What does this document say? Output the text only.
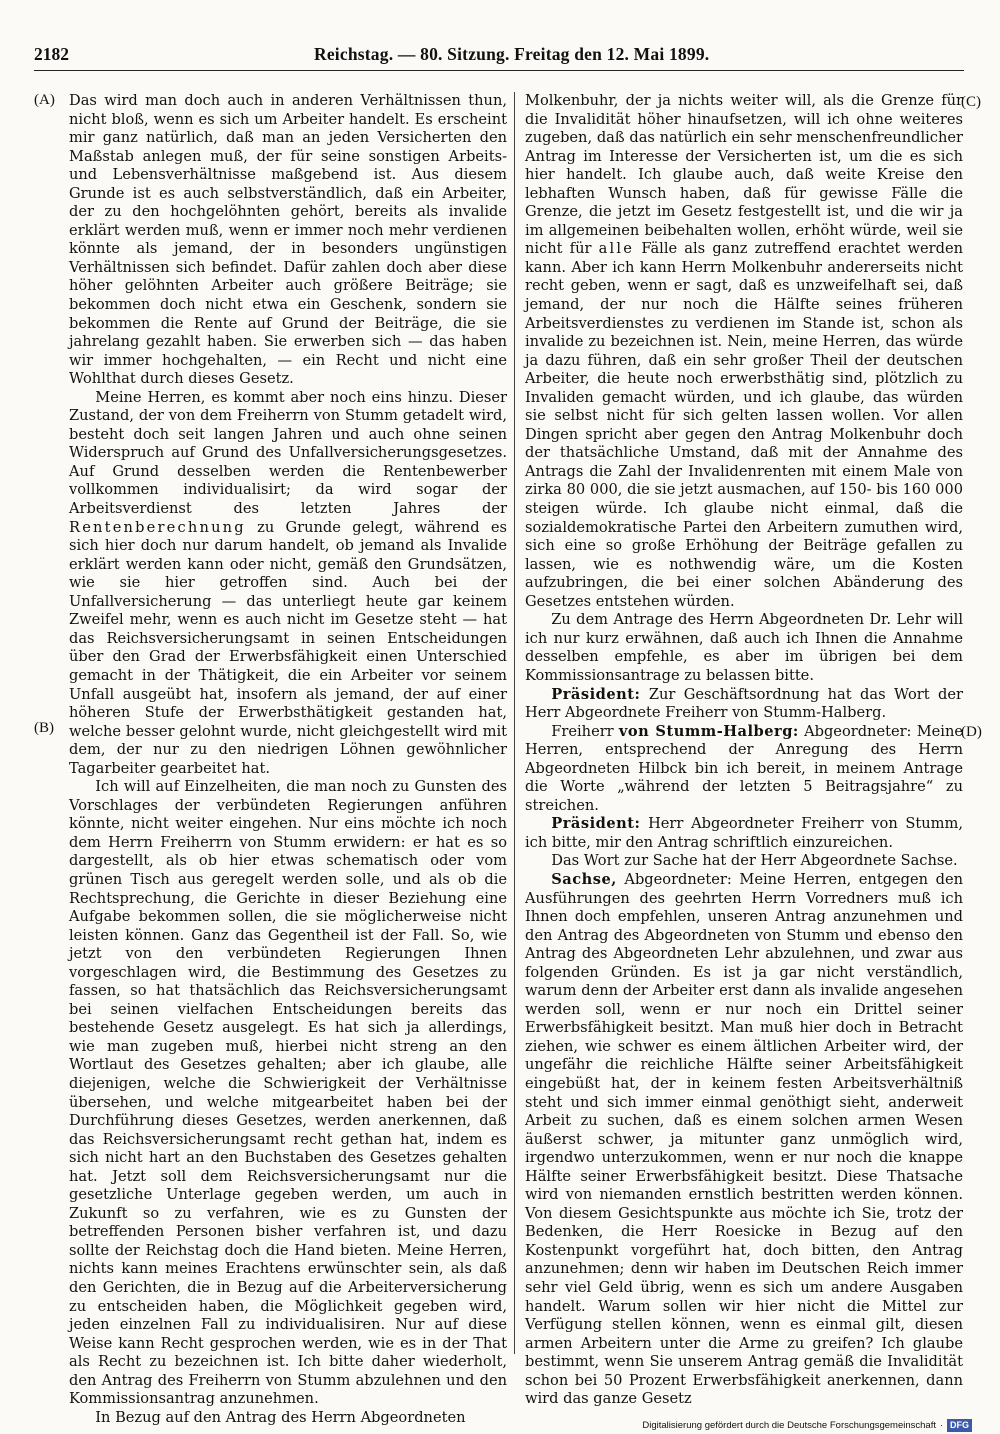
2182	Reichstag. — 80. Sitzung. Freitag den 12. Mai 1899.
(A)
(B)
(C)
(D)

Das wird man doch auch in anderen Verhältnissen thun, nicht bloß, wenn es sich um Arbeiter handelt. Es erscheint mir ganz natürlich, daß man an jeden Versicherten den Maßstab anlegen muß, der für seine sonstigen Arbeits- und Lebensverhältnisse maßgebend ist. Aus diesem Grunde ist es auch selbstverständlich, daß ein Arbeiter, der zu den hochgelöhnten gehört, bereits als invalide erklärt werden muß, wenn er immer noch mehr verdienen könnte als jemand, der in besonders ungünstigen Verhältnissen sich befindet. Dafür zahlen doch aber diese höher gelöhnten Arbeiter auch größere Beiträge; sie bekommen doch nicht etwa ein Geschenk, sondern sie bekommen die Rente auf Grund der Beiträge, die sie jahrelang gezahlt haben. Sie erwerben sich — das haben wir immer hochgehalten, — ein Recht und nicht eine Wohlthat durch dieses Gesetz.

Meine Herren, es kommt aber noch eins hinzu. Dieser Zustand, der von dem Freiherrn von Stumm getadelt wird, besteht doch seit langen Jahren und auch ohne seinen Widerspruch auf Grund des Unfallversicherungsgesetzes. Auf Grund desselben werden die Rentenbewerber vollkommen individualisirt; da wird sogar der Arbeitsverdienst des letzten Jahres der Rentenberechnung zu Grunde gelegt, während es sich hier doch nur darum handelt, ob jemand als Invalide erklärt werden kann oder nicht, gemäß den Grundsätzen, wie sie hier getroffen sind. Auch bei der Unfallversicherung — das unterliegt heute gar keinem Zweifel mehr, wenn es auch nicht im Gesetze steht — hat das Reichsversicherungsamt in seinen Entscheidungen über den Grad der Erwerbsfähigkeit einen Unterschied gemacht in der Thätigkeit, die ein Arbeiter vor seinem Unfall ausgeübt hat, insofern als jemand, der auf einer höheren Stufe der Erwerbsthätigkeit gestanden hat, welche besser gelohnt wurde, nicht gleichgestellt wird mit dem, der nur zu den niedrigen Löhnen gewöhnlicher Tagarbeiter gearbeitet hat.

Ich will auf Einzelheiten, die man noch zu Gunsten des Vorschlages der verbündeten Regierungen anführen könnte, nicht weiter eingehen. Nur eins möchte ich noch dem Herrn Freiherrn von Stumm erwidern: er hat es so dargestellt, als ob hier etwas schematisch oder vom grünen Tisch aus geregelt werden solle, und als ob die Rechtsprechung, die Gerichte in dieser Beziehung eine Aufgabe bekommen sollen, die sie möglicherweise nicht leisten können. Ganz das Gegentheil ist der Fall. So, wie jetzt von den verbündeten Regierungen Ihnen vorgeschlagen wird, die Bestimmung des Gesetzes zu fassen, so hat thatsächlich das Reichsversicherungsamt bei seinen vielfachen Entscheidungen bereits das bestehende Gesetz ausgelegt. Es hat sich ja allerdings, wie man zugeben muß, hierbei nicht streng an den Wortlaut des Gesetzes gehalten; aber ich glaube, alle diejenigen, welche die Schwierigkeit der Verhältnisse übersehen, und welche mitgearbeitet haben bei der Durchführung dieses Gesetzes, werden anerkennen, daß das Reichsversicherungsamt recht gethan hat, indem es sich nicht hart an den Buchstaben des Gesetzes gehalten hat. Jetzt soll dem Reichsversicherungsamt nur die gesetzliche Unterlage gegeben werden, um auch in Zukunft so zu verfahren, wie es zu Gunsten der betreffenden Personen bisher verfahren ist, und dazu sollte der Reichstag doch die Hand bieten. Meine Herren, nichts kann meines Erachtens erwünschter sein, als daß den Gerichten, die in Bezug auf die Arbeiterversicherung zu entscheiden haben, die Möglichkeit gegeben wird, jeden einzelnen Fall zu individualisiren. Nur auf diese Weise kann Recht gesprochen werden, wie es in der That als Recht zu bezeichnen ist. Ich bitte daher wiederholt, den Antrag des Freiherrn von Stumm abzulehnen und den Kommissionsantrag anzunehmen.

In Bezug auf den Antrag des Herrn Abgeordneten

Molkenbuhr, der ja nichts weiter will, als die Grenze für die Invalidität höher hinaufsetzen, will ich ohne weiteres zugeben, daß das natürlich ein sehr menschenfreundlicher Antrag im Interesse der Versicherten ist, um die es sich hier handelt. Ich glaube auch, daß weite Kreise den lebhaften Wunsch haben, daß für gewisse Fälle die Grenze, die jetzt im Gesetz festgestellt ist, und die wir ja im allgemeinen beibehalten wollen, erhöht würde, weil sie nicht für alle Fälle als ganz zutreffend erachtet werden kann. Aber ich kann Herrn Molkenbuhr andererseits nicht recht geben, wenn er sagt, daß es unzweifelhaft sei, daß jemand, der nur noch die Hälfte seines früheren Arbeitsverdienstes zu verdienen im Stande ist, schon als invalide zu bezeichnen ist. Nein, meine Herren, das würde ja dazu führen, daß ein sehr großer Theil der deutschen Arbeiter, die heute noch erwerbsthätig sind, plötzlich zu Invaliden gemacht würden, und ich glaube, das würden sie selbst nicht für sich gelten lassen wollen. Vor allen Dingen spricht aber gegen den Antrag Molkenbuhr doch der thatsächliche Umstand, daß mit der Annahme des Antrags die Zahl der Invalidenrenten mit einem Male von zirka 80 000, die sie jetzt ausmachen, auf 150- bis 160 000 steigen würde. Ich glaube nicht einmal, daß die sozialdemokratische Partei den Arbeitern zumuthen wird, sich eine so große Erhöhung der Beiträge gefallen zu lassen, wie es nothwendig wäre, um die Kosten aufzubringen, die bei einer solchen Abänderung des Gesetzes entstehen würden.

Zu dem Antrage des Herrn Abgeordneten Dr. Lehr will ich nur kurz erwähnen, daß auch ich Ihnen die Annahme desselben empfehle, es aber im übrigen bei dem Kommissionsantrage zu belassen bitte.

Präsident: Zur Geschäftsordnung hat das Wort der Herr Abgeordnete Freiherr von Stumm-Halberg.

Freiherr von Stumm-Halberg: Abgeordneter: Meine Herren, entsprechend der Anregung des Herrn Abgeordneten Hilbck bin ich bereit, in meinem Antrage die Worte „während der letzten 5 Beitragsjahre“ zu streichen.

Präsident: Herr Abgeordneter Freiherr von Stumm, ich bitte, mir den Antrag schriftlich einzureichen.

Das Wort zur Sache hat der Herr Abgeordnete Sachse.

Sachse, Abgeordneter: Meine Herren, entgegen den Ausführungen des geehrten Herrn Vorredners muß ich Ihnen doch empfehlen, unseren Antrag anzunehmen und den Antrag des Abgeordneten von Stumm und ebenso den Antrag des Abgeordneten Lehr abzulehnen, und zwar aus folgenden Gründen. Es ist ja gar nicht verständlich, warum denn der Arbeiter erst dann als invalide angesehen werden soll, wenn er nur noch ein Drittel seiner Erwerbsfähigkeit besitzt. Man muß hier doch in Betracht ziehen, wie schwer es einem ältlichen Arbeiter wird, der ungefähr die reichliche Hälfte seiner Arbeitsfähigkeit eingebüßt hat, der in keinem festen Arbeitsverhältniß steht und sich immer einmal genöthigt sieht, anderweit Arbeit zu suchen, daß es einem solchen armen Wesen äußerst schwer, ja mitunter ganz unmöglich wird, irgendwo unterzukommen, wenn er nur noch die knappe Hälfte seiner Erwerbsfähigkeit besitzt. Diese Thatsache wird von niemanden ernstlich bestritten werden können. Von diesem Gesichtspunkte aus möchte ich Sie, trotz der Bedenken, die Herr Roesicke in Bezug auf den Kostenpunkt vorgeführt hat, doch bitten, den Antrag anzunehmen; denn wir haben im Deutschen Reich immer sehr viel Geld übrig, wenn es sich um andere Ausgaben handelt. Warum sollen wir hier nicht die Mittel zur Verfügung stellen können, wenn es einmal gilt, diesen armen Arbeitern unter die Arme zu greifen? Ich glaube bestimmt, wenn Sie unserem Antrag gemäß die Invalidität schon bei 50 Prozent Erwerbsfähigkeit anerkennen, dann wird das ganze Gesetz

Digitalisierung gefördert durch die Deutsche Forschungsgemeinschaft · DFG
